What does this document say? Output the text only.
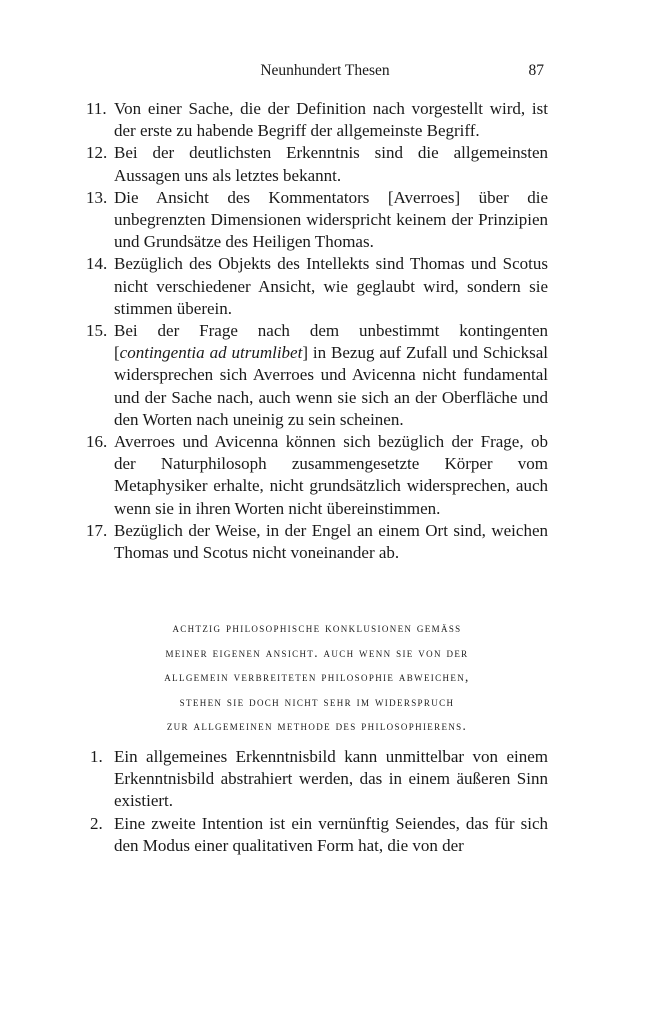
Neunhundert Thesen	87
11. Von einer Sache, die der Definition nach vorgestellt wird, ist der erste zu habende Begriff der allgemeinste Begriff.
12. Bei der deutlichsten Erkenntnis sind die allgemeinsten Aussagen uns als letztes bekannt.
13. Die Ansicht des Kommentators [Averroes] über die unbegrenzten Dimensionen widerspricht keinem der Prinzipien und Grundsätze des Heiligen Thomas.
14. Bezüglich des Objekts des Intellekts sind Thomas und Scotus nicht verschiedener Ansicht, wie geglaubt wird, sondern sie stimmen überein.
15. Bei der Frage nach dem unbestimmt kontingenten [contingentia ad utrumlibet] in Bezug auf Zufall und Schicksal widersprechen sich Averroes und Avicenna nicht fundamental und der Sache nach, auch wenn sie sich an der Oberfläche und den Worten nach uneinig zu sein scheinen.
16. Averroes und Avicenna können sich bezüglich der Frage, ob der Naturphilosoph zusammengesetzte Körper vom Metaphysiker erhalte, nicht grundsätzlich widersprechen, auch wenn sie in ihren Worten nicht übereinstimmen.
17. Bezüglich der Weise, in der Engel an einem Ort sind, weichen Thomas und Scotus nicht voneinander ab.
achtzig philosophische konklusionen gemäss
meiner eigenen ansicht. auch wenn sie von der
allgemein verbreiteten philosophie abweichen,
stehen sie doch nicht sehr im widerspruch
zur allgemeinen methode des philosophierens.
1. Ein allgemeines Erkenntnisbild kann unmittelbar von einem Erkenntnisbild abstrahiert werden, das in einem äußeren Sinn existiert.
2. Eine zweite Intention ist ein vernünftig Seiendes, das für sich den Modus einer qualitativen Form hat, die von der
